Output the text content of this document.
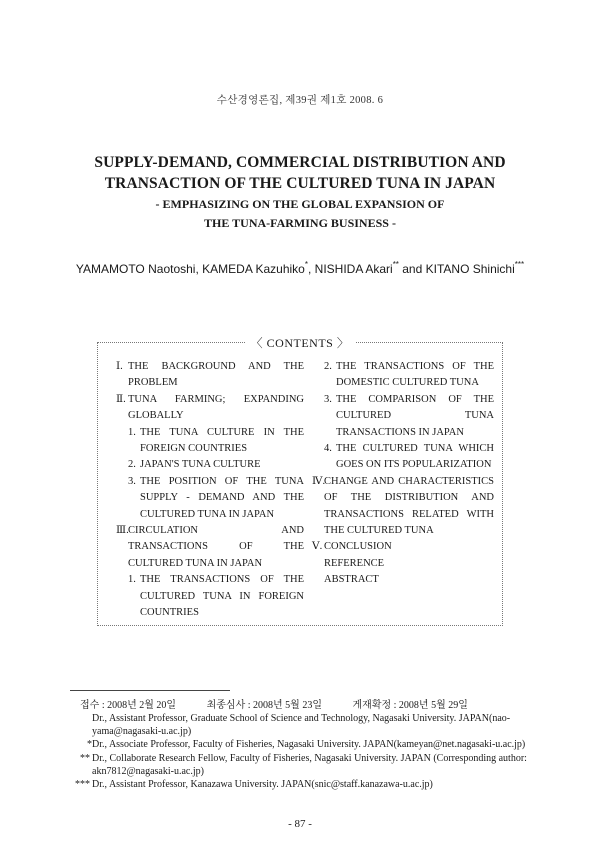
수산경영론집, 제39권 제1호 2008. 6
SUPPLY-DEMAND, COMMERCIAL DISTRIBUTION AND
TRANSACTION OF THE CULTURED TUNA IN JAPAN
- EMPHASIZING ON THE GLOBAL EXPANSION OF
THE TUNA-FARMING BUSINESS -
YAMAMOTO Naotoshi, KAMEDA Kazuhiko*, NISHIDA Akari** and KITANO Shinichi***
〈 CONTENTS 〉
Ⅰ. THE BACKGROUND AND THE PROBLEM
Ⅱ. TUNA FARMING; EXPANDING GLOBALLY
1. THE TUNA CULTURE IN THE FOREIGN COUNTRIES
2. JAPAN'S TUNA CULTURE
3. THE POSITION OF THE TUNA SUPPLY - DEMAND AND THE CULTURED TUNA IN JAPAN
Ⅲ. CIRCULATION AND TRANSACTIONS OF THE CULTURED TUNA IN JAPAN
1. THE TRANSACTIONS OF THE CULTURED TUNA IN FOREIGN COUNTRIES
2. THE TRANSACTIONS OF THE DOMESTIC CULTURED TUNA
3. THE COMPARISON OF THE CULTURED TUNA TRANSACTIONS IN JAPAN
4. THE CULTURED TUNA WHICH GOES ON ITS POPULARIZATION
Ⅳ.
CHANGE AND CHARACTERISTICS OF THE DISTRIBUTION AND TRANSACTIONS RELATED WITH THE CULTURED TUNA
Ⅴ. CONCLUSION
REFERENCE
ABSTRACT
접수 : 2008년 2월 20일	최종심사 : 2008년 5월 23일	게재확정 : 2008년 5월 29일
Dr., Assistant Professor, Graduate School of Science and Technology, Nagasaki University. JAPAN(nao-yama@nagasaki-u.ac.jp)
* Dr., Associate Professor, Faculty of Fisheries, Nagasaki University. JAPAN(kameyan@net.nagasaki-u.ac.jp)
** Dr., Collaborate Research Fellow, Faculty of Fisheries, Nagasaki University. JAPAN (Corresponding author: akn7812@nagasaki-u.ac.jp)
*** Dr., Assistant Professor, Kanazawa University. JAPAN(snic@staff.kanazawa-u.ac.jp)
- 87 -
